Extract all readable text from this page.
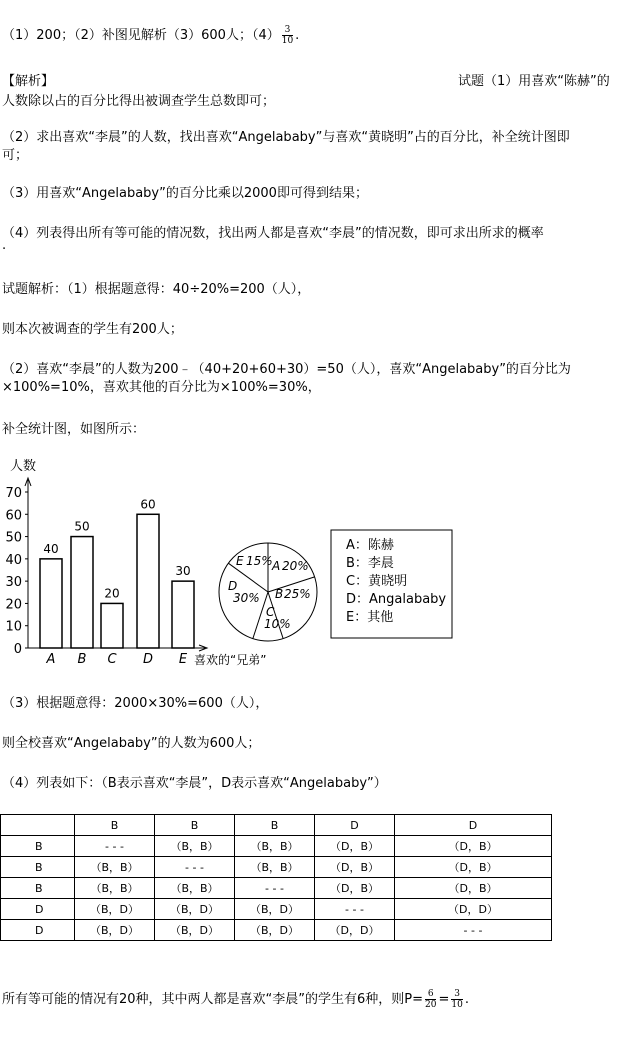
（1）200；（2）补图见解析（3）600人；$(4) \frac{3}{10}$ .
【解析】	试题（1）用喜欢“陈赫”的
人数除以占的百分比得出被调查学生总数即可；
（2）求出喜欢“李晨”的人数，找出喜欢“Angelababy”与喜欢“黄晓明”占的百分比，补全统计图即
可；
（3）用喜欢“Angelababy”的百分比乘以2000即可得到结果；
（4）列表得出所有等可能的情况数，找出两人都是喜欢“李晨”的情况数，即可求出所求的概率
.
试题解析：（1）根据题意得：40÷20%=200（人），
则本次被调查的学生有200人；
（2）喜欢“李晨”的人数为200﹣（40+20+60+30）=50（人），喜欢“Angelababy”的百分比为
×100%=10%，喜欢其他的百分比为×100%=30%，
补全统计图，如图所示：
人数
0
10
20
30
40
50
60
70
40
A
50
B
20
C
60
D
30
E 喜欢的“兄弟”
A 20%
B 25%
C
10%
D
30%
E 15%
A：陈赫
B：李晨
C：黄晓明
D：Angalababy
E：其他
（3）根据题意得：2000×30%=600（人），
则全校喜欢“Angelababy”的人数为600人；
（4）列表如下：（B表示喜欢“李晨”，D表示喜欢“Angelababy”）
	B	B	B	D	D
B	- - -	（B，B）	（B，B）	（D，B）	（D，B）
B	（B，B）	- - -	（B，B）	（D，B）	（D，B）
B	（B，B）	（B，B）	- - -	（D，B）	（D，B）
D	（B，D）	（B，D）	（B，D）	- - -	（D，D）
D	（B，D）	（B，D）	（B，D）	（D，D）	- - -
所有等可能的情况有20种，其中两人都是喜欢“李晨”的学生有6种，则$P= \frac{6}{20} = \frac{3}{10}$ .
